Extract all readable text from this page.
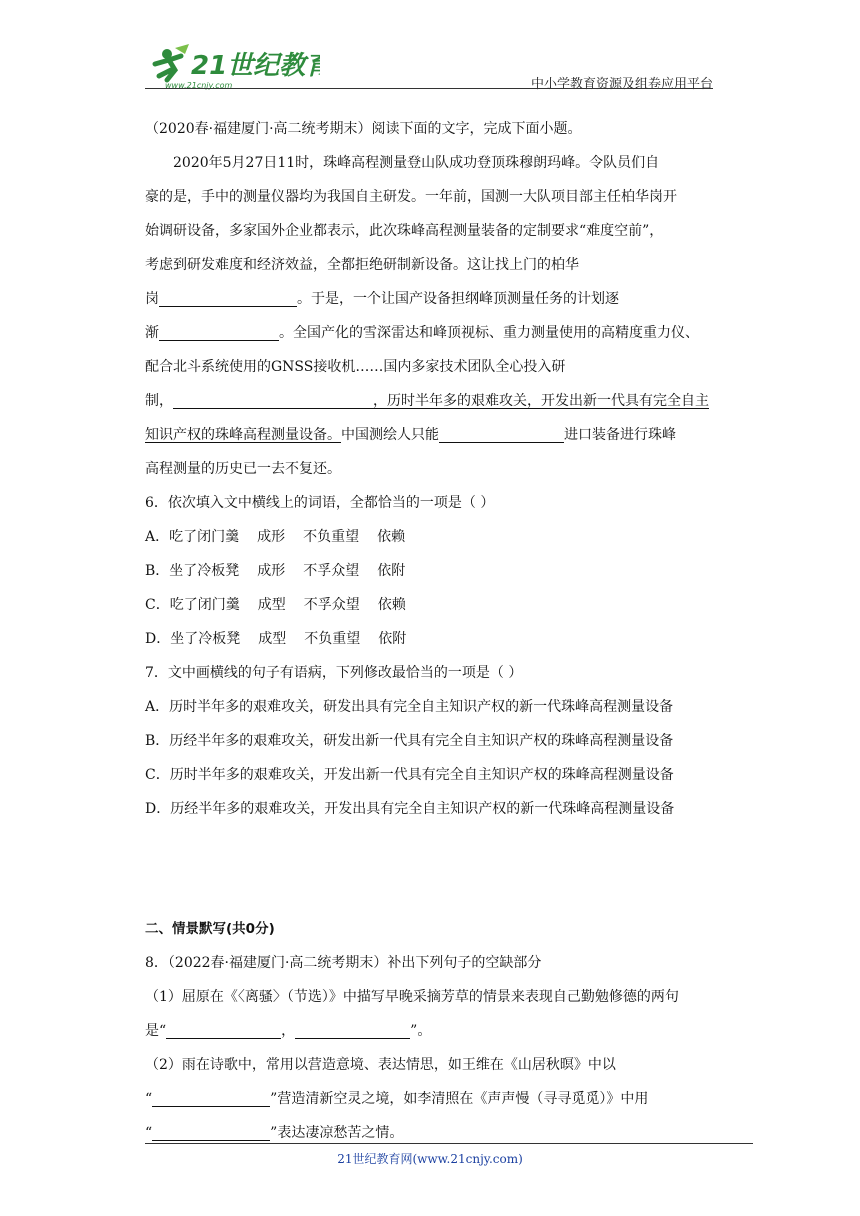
21世纪教育
www.21cnjy.com	中小学教育资源及组卷应用平台

（2020春·福建厦门·高二统考期末）阅读下面的文字，完成下面小题。

2020年5月27日11时，珠峰高程测量登山队成功登顶珠穆朗玛峰。令队员们自

豪的是，手中的测量仪器均为我国自主研发。一年前，国测一大队项目部主任柏华岗开

始调研设备，多家国外企业都表示，此次珠峰高程测量装备的定制要求“难度空前”，

考虑到研发难度和经济效益，全都拒绝研制新设备。这让找上门的柏华

岗	。于是，一个让国产设备担纲峰顶测量任务的计划逐

渐	。全国产化的雪深雷达和峰顶视标、重力测量使用的高精度重力仪、

配合北斗系统使用的GNSS接收机……国内多家技术团队全心投入研

制，	，历时半年多的艰难攻关，开发出新一代具有完全自主

知识产权的珠峰高程测量设备。中国测绘人只能	进口装备进行珠峰

高程测量的历史已一去不复还。

6．依次填入文中横线上的词语，全都恰当的一项是（ ）

A．吃了闭门羹 成形 不负重望 依赖

B．坐了冷板凳 成形 不孚众望 依附

C．吃了闭门羹 成型 不孚众望 依赖

D．坐了冷板凳 成型 不负重望 依附

7．文中画横线的句子有语病，下列修改最恰当的一项是（ ）

A．历时半年多的艰难攻关，研发出具有完全自主知识产权的新一代珠峰高程测量设备

B．历经半年多的艰难攻关，研发出新一代具有完全自主知识产权的珠峰高程测量设备

C．历时半年多的艰难攻关，开发出新一代具有完全自主知识产权的珠峰高程测量设备

D．历经半年多的艰难攻关，开发出具有完全自主知识产权的新一代珠峰高程测量设备

二、情景默写(共0分)

8．（2022春·福建厦门·高二统考期末）补出下列句子的空缺部分

（1）屈原在《〈离骚〉（节选）》中描写早晚采摘芳草的情景来表现自己勤勉修德的两句

是“	，	”。

（2）雨在诗歌中，常用以营造意境、表达情思，如王维在《山居秋暝》中以

“	”营造清新空灵之境，如李清照在《声声慢（寻寻觅觅）》中用

“	”表达凄凉愁苦之情。

21世纪教育网(www.21cnjy.com)
